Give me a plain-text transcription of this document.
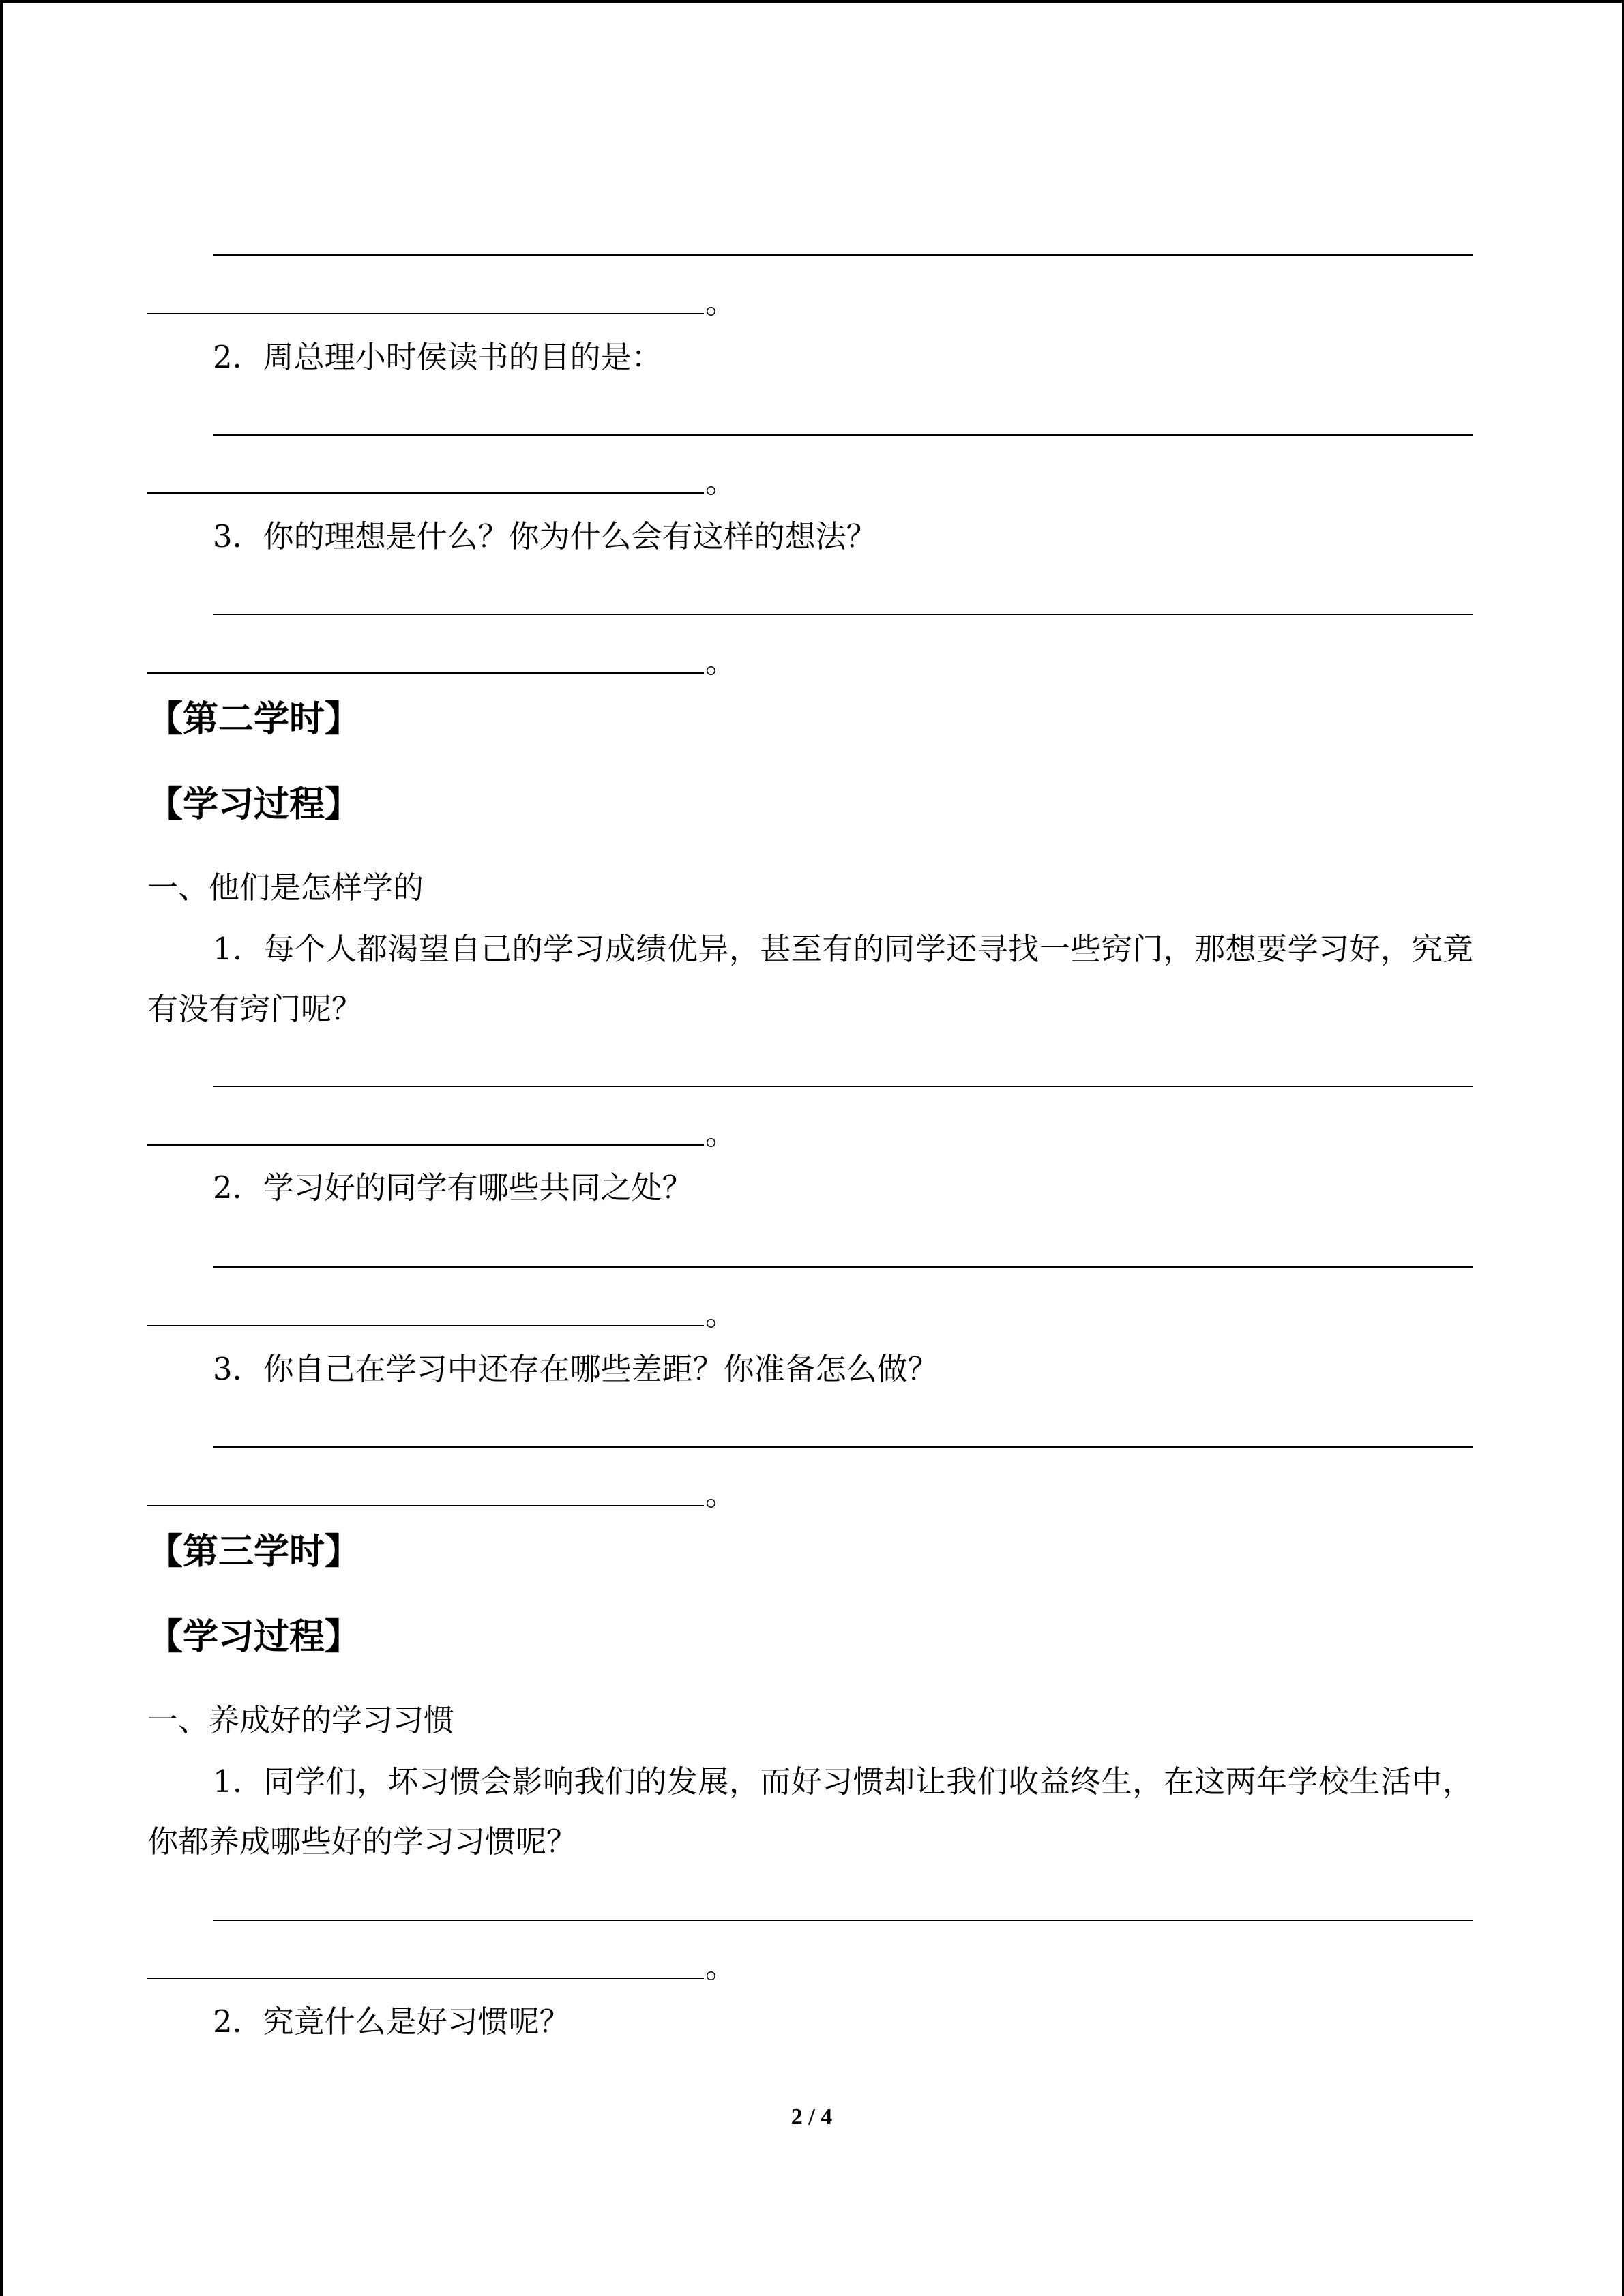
。
2．周总理小时侯读书的目的是：
。
3．你的理想是什么？你为什么会有这样的想法？
。
【第二学时】
【学习过程】
一、他们是怎样学的
1．每个人都渴望自己的学习成绩优异，甚至有的同学还寻找一些窍门，那想要学习好，究竟有没有窍门呢？
。
2．学习好的同学有哪些共同之处？
。
3．你自己在学习中还存在哪些差距？你准备怎么做？
。
【第三学时】
【学习过程】
一、养成好的学习习惯
1．同学们，坏习惯会影响我们的发展，而好习惯却让我们收益终生，在这两年学校生活中，你都养成哪些好的学习习惯呢？
。
2．究竟什么是好习惯呢？
2 / 4
